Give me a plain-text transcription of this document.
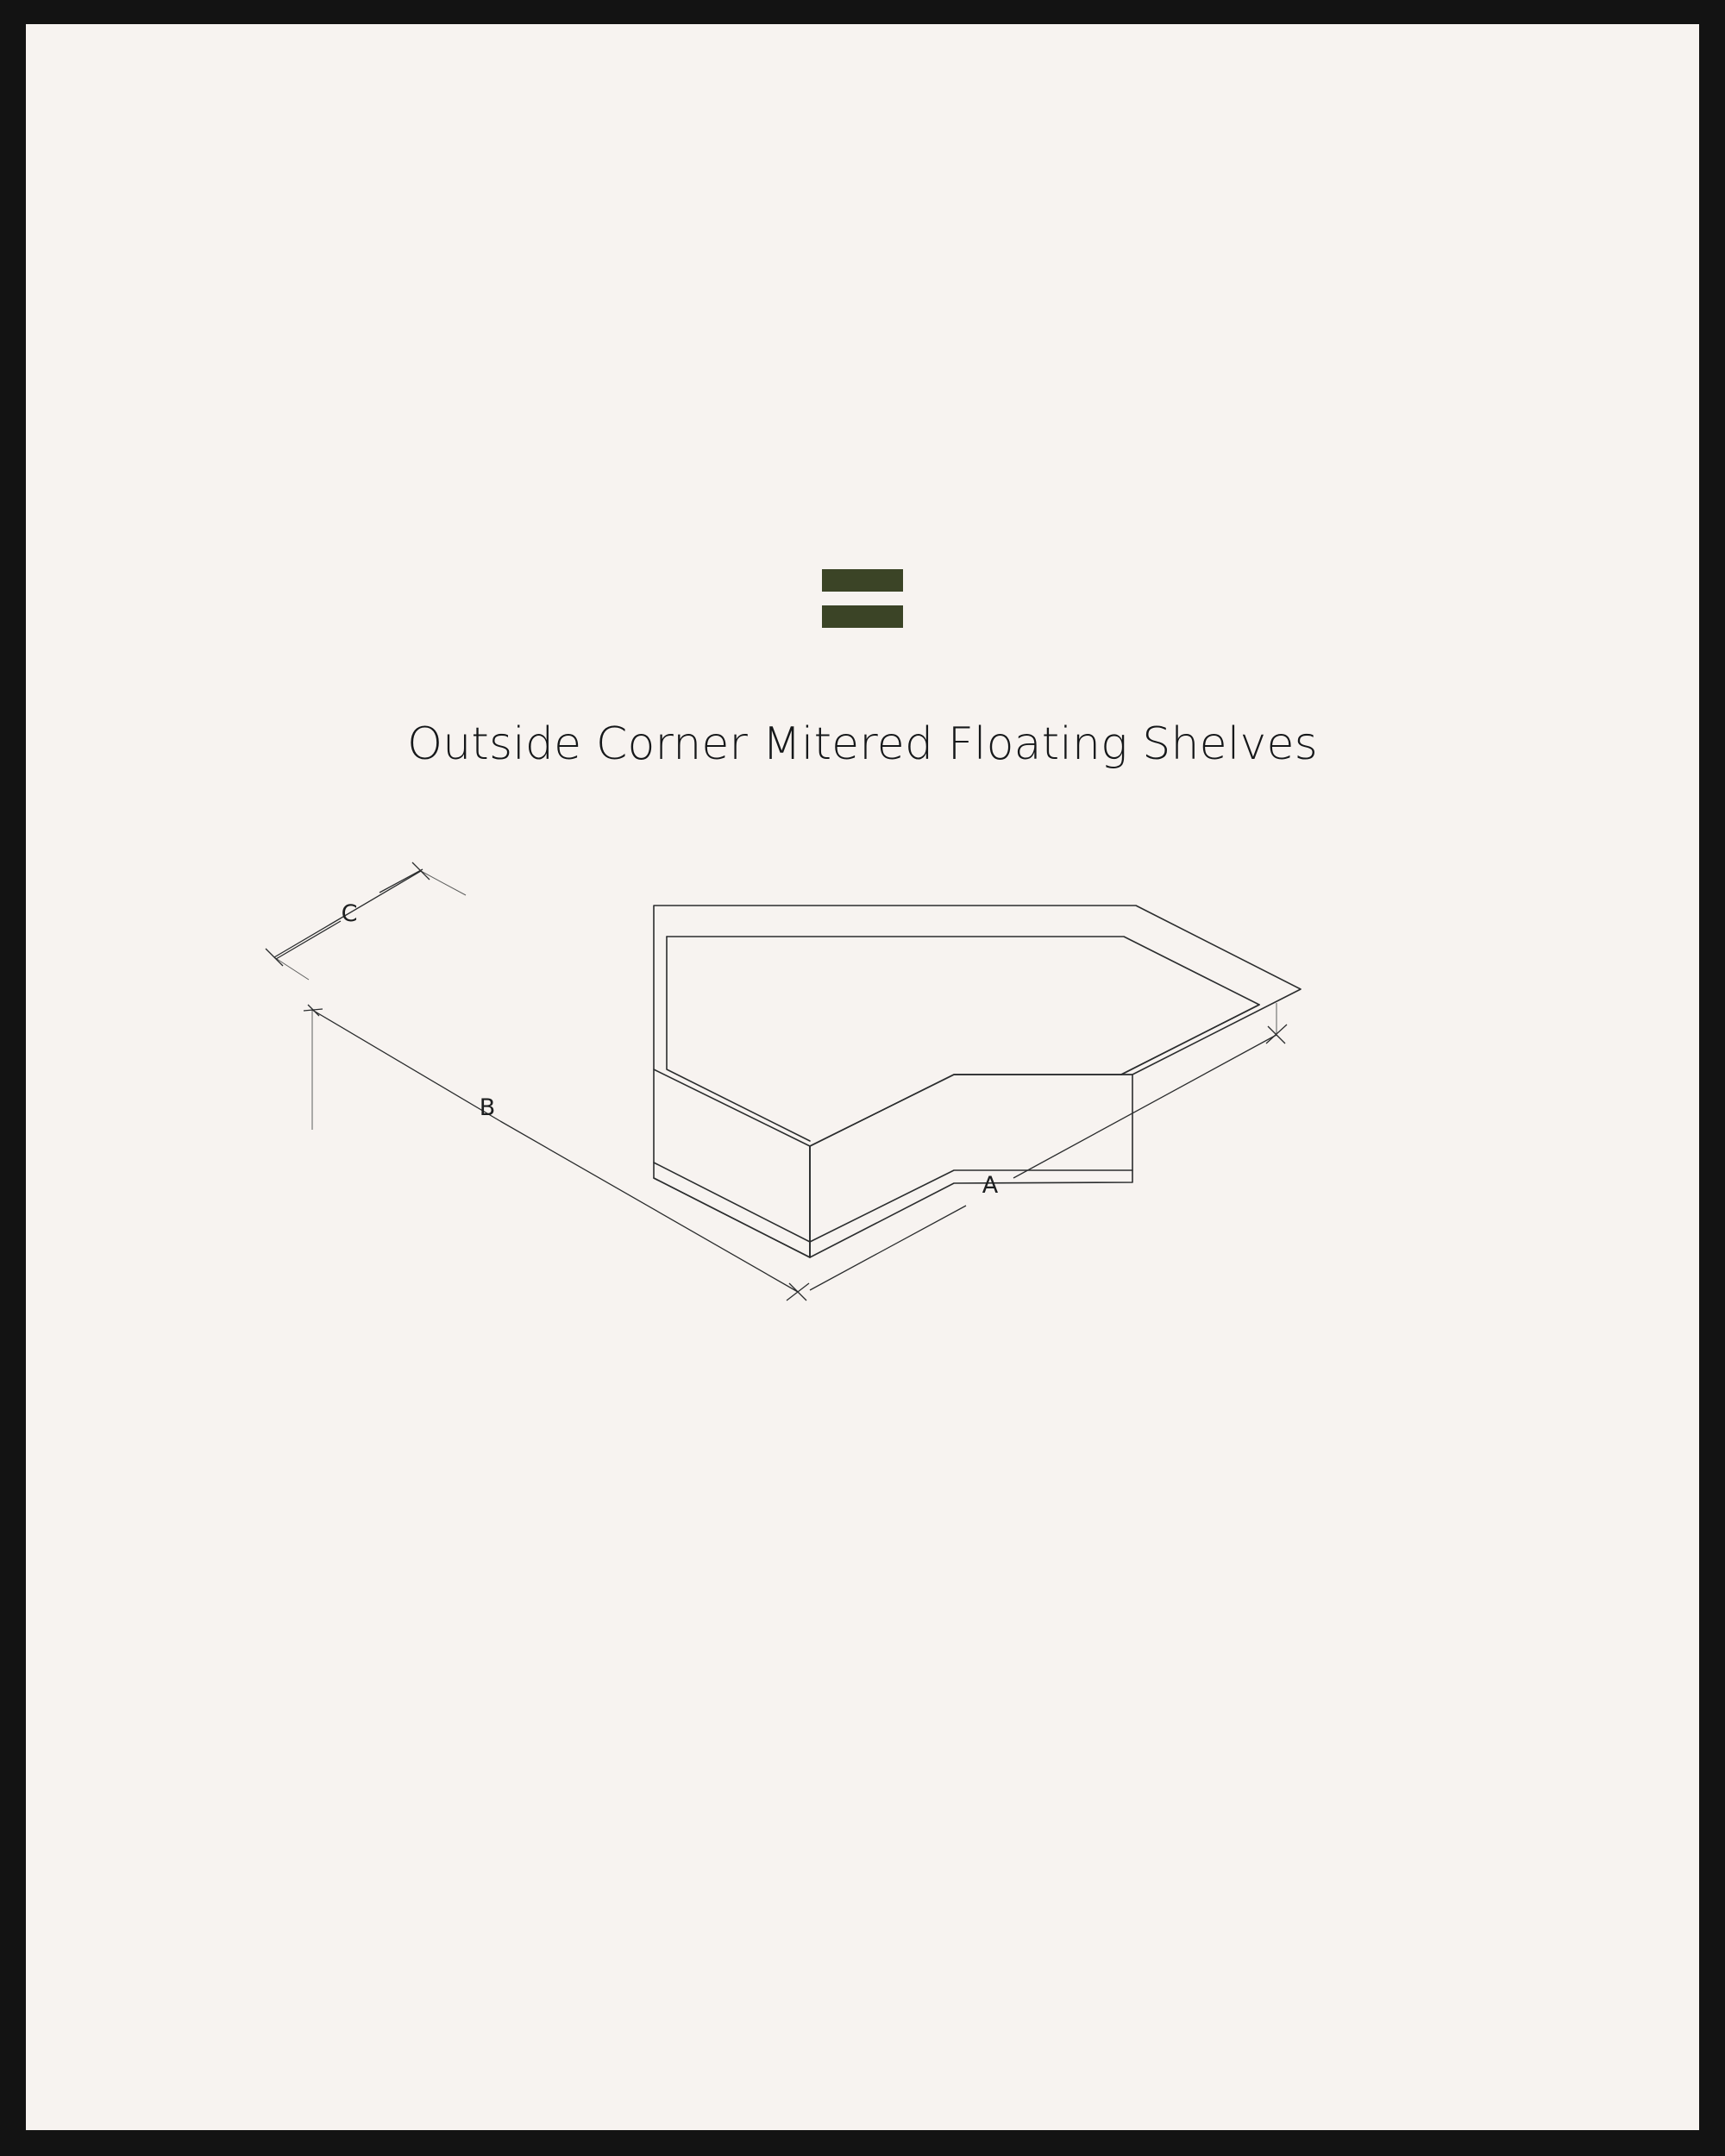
Outside Corner Mitered Floating Shelves
C
B
A
